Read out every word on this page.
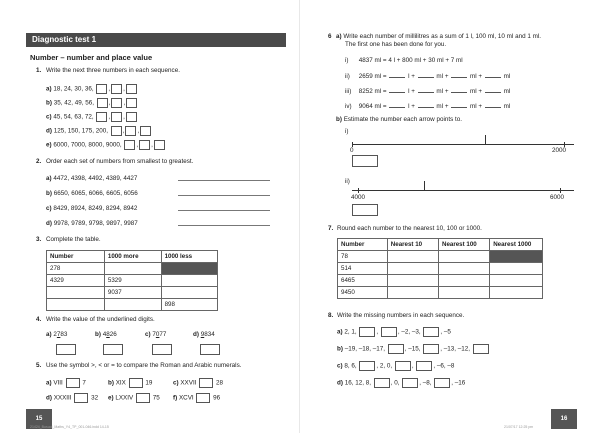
Diagnostic test 1
Number – number and place value
1. Write the next three numbers in each sequence.
a) 18, 24, 30, 36, , ,
b) 35, 42, 49, 56, , ,
c) 45, 54, 63, 72, , ,
d) 125, 150, 175, 200, , ,
e) 6000, 7000, 8000, 9000, , ,
2. Order each set of numbers from smallest to greatest.
a) 4472, 4398, 4492, 4389, 4427
b) 6650, 6065, 6066, 6605, 6056
c) 8429, 8924, 8249, 8294, 8942
d) 9978, 9789, 9798, 9897, 9987
3. Complete the table.
Number	1000 more	1000 less
278		
4329	5329	
	9037	
		898
4. Write the value of the underlined digits.
a) 2783	b) 4826	c) 7077	d) 9834
5. Use the symbol >, < or = to compare the Roman and Arabic numerals.
a) VIII	7	b) XIX	19	c) XXVII	28
d) XXXIII	32 e) LXXIV	75 f) XCVI	96
15
21424_Busuol_Maths_Y4_TP_001-046.indd 14-15
6 a) Write each number of millilitres as a sum of 1 l, 100 ml, 10 ml and 1 ml.
The first one has been done for you.
i) 4837 ml = 4 l + 800 ml + 30 ml + 7 ml
ii) 2659 ml =	l +	ml +	ml +	ml
iii) 8252 ml =	l +	ml +	ml +	ml
iv) 9064 ml =	l +	ml +	ml +	ml
b) Estimate the number each arrow points to.
i)
0	2000
ii)
4000	6000
7. Round each number to the nearest 10, 100 or 1000.
Number	Nearest 10	Nearest 100	Nearest 1000
78			
514			
6465			
9450			
8. Write the missing numbers in each sequence.
a) 2, 1,	,	, –2, –3,	, –5
b) –19, –18, –17,	, –15,	, –13, –12,
c) 8, 6,	, 2, 0,	,	, –6, –8
d) 16, 12, 8,	, 0,	, –8,	, –16
16
21/07/17 12:25 pm
